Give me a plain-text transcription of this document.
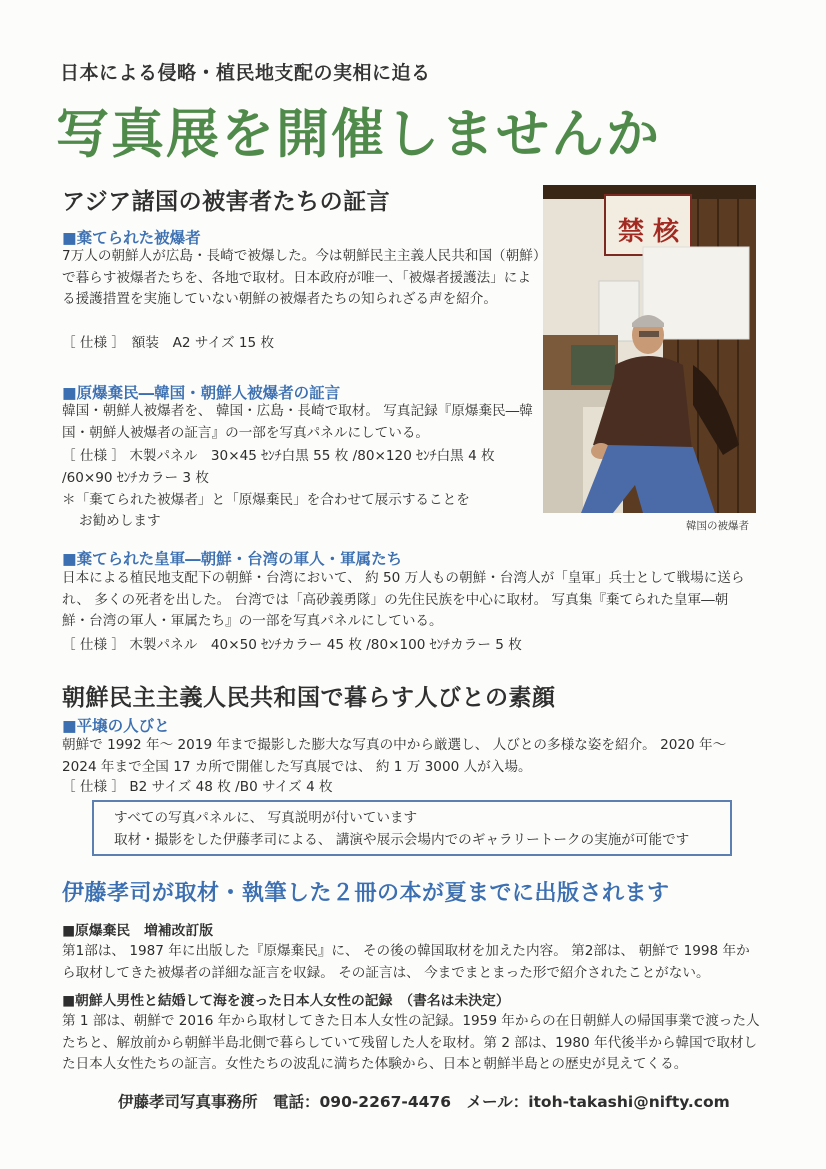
日本による侵略・植民地支配の実相に迫る
写真展を開催しませんか
アジア諸国の被害者たちの証言
■棄てられた被爆者
7万人の朝鮮人が広島・長崎で被爆した。今は朝鮮民主主義人民共和国（朝鮮）で暮らす被爆者たちを、各地で取材。日本政府が唯一、「被爆者援護法」による援護措置を実施していない朝鮮の被爆者たちの知られざる声を紹介。
［ 仕様 ］　額装　A2 サイズ 15 枚
■原爆棄民―韓国・朝鮮人被爆者の証言
韓国・朝鮮人被爆者を、 韓国・広島・長崎で取材。 写真記録『原爆棄民―韓国・朝鮮人被爆者の証言』の一部を写真パネルにしている。
［ 仕様 ］ 木製パネル　30×45 ｾﾝﾁ白黒 55 枚 /80×120 ｾﾝﾁ白黒 4 枚
/60×90 ｾﾝﾁカラー 3 枚
＊「棄てられた被爆者」と「原爆棄民」を合わせて展示することを
お勧めします
■棄てられた皇軍―朝鮮・台湾の軍人・軍属たち
日本による植民地支配下の朝鮮・台湾において、 約 50 万人もの朝鮮・台湾人が「皇軍」兵士として戦場に送られ、 多くの死者を出した。 台湾では「高砂義勇隊」の先住民族を中心に取材。 写真集『棄てられた皇軍―朝鮮・台湾の軍人・軍属たち』の一部を写真パネルにしている。
［ 仕様 ］ 木製パネル　40×50 ｾﾝﾁカラー 45 枚 /80×100 ｾﾝﾁカラー 5 枚
禁 核
韓国の被爆者
朝鮮民主主義人民共和国で暮らす人びとの素顔
■平壌の人びと
朝鮮で 1992 年～ 2019 年まで撮影した膨大な写真の中から厳選し、 人びとの多様な姿を紹介。 2020 年～ 2024 年まで全国 17 カ所で開催した写真展では、 約 1 万 3000 人が入場。
［ 仕様 ］ B2 サイズ 48 枚 /B0 サイズ 4 枚
すべての写真パネルに、 写真説明が付いています
取材・撮影をした伊藤孝司による、 講演や展示会場内でのギャラリートークの実施が可能です
伊藤孝司が取材・執筆した２冊の本が夏までに出版されます
■原爆棄民　増補改訂版
第1部は、 1987 年に出版した『原爆棄民』に、 その後の韓国取材を加えた内容。 第2部は、 朝鮮で 1998 年から取材してきた被爆者の詳細な証言を収録。 その証言は、 今までまとまった形で紹介されたことがない。
■朝鮮人男性と結婚して海を渡った日本人女性の記録　（書名は未決定）
第 1 部は、朝鮮で 2016 年から取材してきた日本人女性の記録。1959 年からの在日朝鮮人の帰国事業で渡った人たちと、解放前から朝鮮半島北側で暮らしていて残留した人を取材。第 2 部は、1980 年代後半から韓国で取材した日本人女性たちの証言。女性たちの波乱に満ちた体験から、日本と朝鮮半島との歴史が見えてくる。
伊藤孝司写真事務所　電話：090-2267-4476　メール：itoh-takashi@nifty.com
